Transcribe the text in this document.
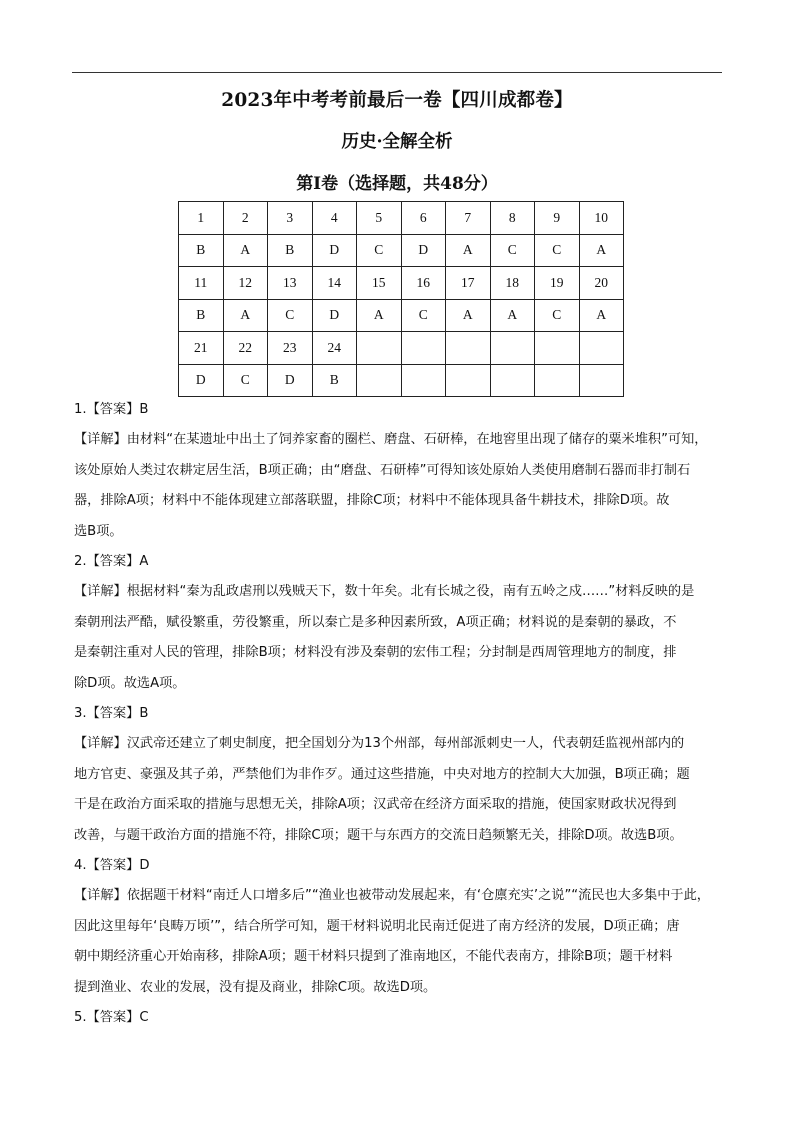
2023年中考考前最后一卷【四川成都卷】
历史·全解全析
第Ⅰ卷（选择题，共48分）
1	2	3	4	5	6	7	8	9	10
B	A	B	D	C	D	A	C	C	A
11	12	13	14	15	16	17	18	19	20
B	A	C	D	A	C	A	A	C	A
21	22	23	24						
D	C	D	B						
1.【答案】B
【详解】由材料“在某遗址中出土了饲养家畜的圈栏、磨盘、石研棒，在地窖里出现了储存的粟米堆积”可知，
该处原始人类过农耕定居生活，B项正确；由“磨盘、石研棒”可得知该处原始人类使用磨制石器而非打制石
器，排除A项；材料中不能体现建立部落联盟，排除C项；材料中不能体现具备牛耕技术，排除D项。故
选B项。
2.【答案】A
【详解】根据材料“秦为乱政虐刑以残贼天下，数十年矣。北有长城之役，南有五岭之戍……”材料反映的是
秦朝刑法严酷，赋役繁重，劳役繁重，所以秦亡是多种因素所致，A项正确；材料说的是秦朝的暴政，不
是秦朝注重对人民的管理，排除B项；材料没有涉及秦朝的宏伟工程；分封制是西周管理地方的制度，排
除D项。故选A项。
3.【答案】B
【详解】汉武帝还建立了刺史制度，把全国划分为13个州部，每州部派刺史一人，代表朝廷监视州部内的
地方官吏、豪强及其子弟，严禁他们为非作歹。通过这些措施，中央对地方的控制大大加强，B项正确；题
干是在政治方面采取的措施与思想无关，排除A项；汉武帝在经济方面采取的措施，使国家财政状况得到
改善，与题干政治方面的措施不符，排除C项；题干与东西方的交流日趋频繁无关，排除D项。故选B项。
4.【答案】D
【详解】依据题干材料“南迁人口增多后”“渔业也被带动发展起来，有‘仓廪充实’之说”“流民也大多集中于此，
因此这里每年‘良畴万顷’”，结合所学可知，题干材料说明北民南迁促进了南方经济的发展，D项正确；唐
朝中期经济重心开始南移，排除A项；题干材料只提到了淮南地区，不能代表南方，排除B项；题干材料
提到渔业、农业的发展，没有提及商业，排除C项。故选D项。
5.【答案】C
